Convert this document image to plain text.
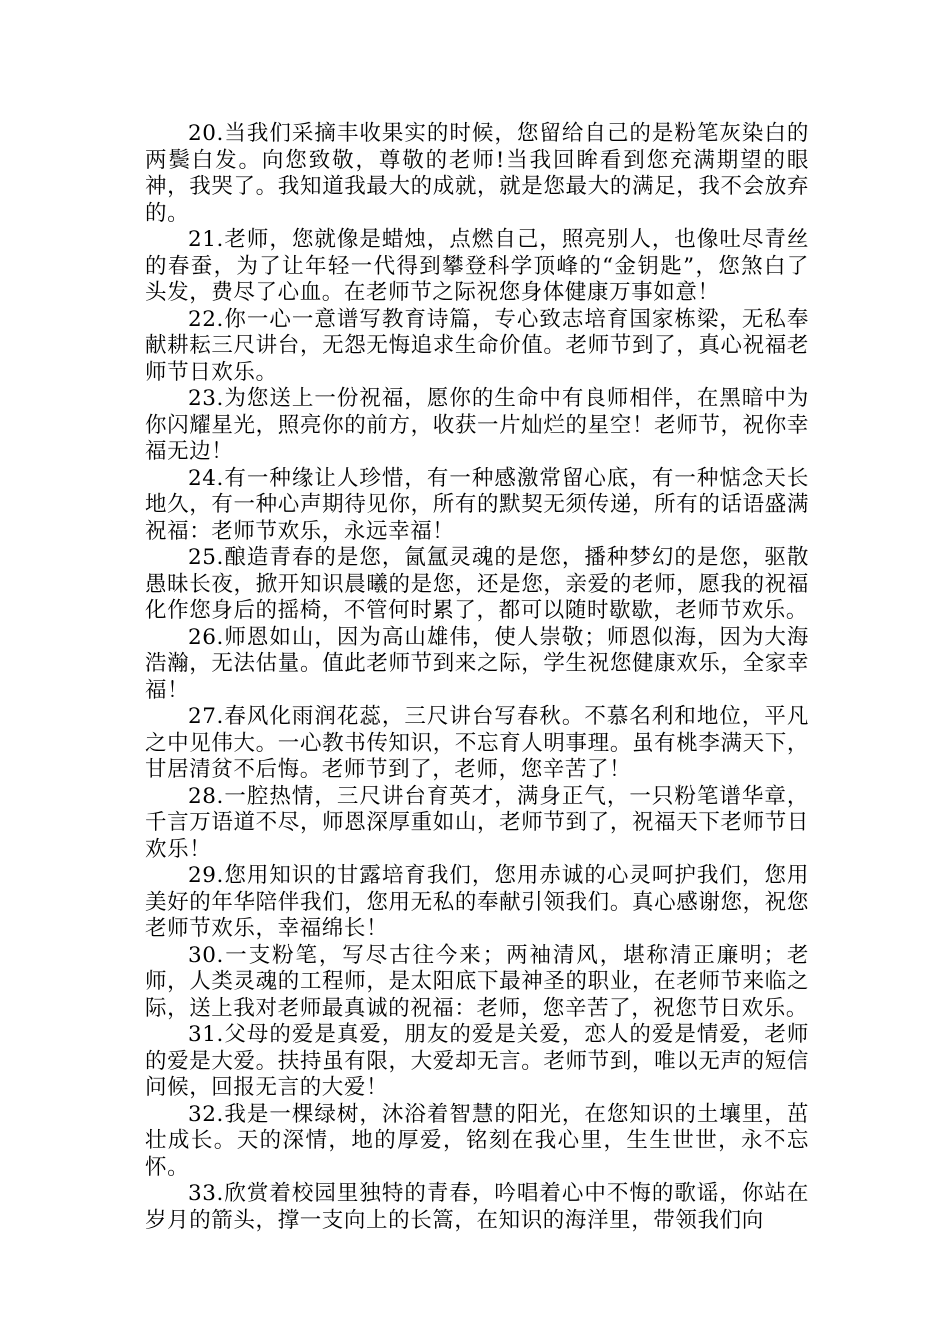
20.当我们采摘丰收果实的时候，您留给自己的是粉笔灰染白的两鬓白发。向您致敬，尊敬的老师!当我回眸看到您充满期望的眼神，我哭了。我知道我最大的成就，就是您最大的满足，我不会放弃的。

21.老师，您就像是蜡烛，点燃自己，照亮别人，也像吐尽青丝的春蚕，为了让年轻一代得到攀登科学顶峰的“金钥匙”，您煞白了头发，费尽了心血。在老师节之际祝您身体健康万事如意！

22.你一心一意谱写教育诗篇，专心致志培育国家栋梁，无私奉献耕耘三尺讲台，无怨无悔追求生命价值。老师节到了，真心祝福老师节日欢乐。

23.为您送上一份祝福，愿你的生命中有良师相伴，在黑暗中为你闪耀星光，照亮你的前方，收获一片灿烂的星空！老师节，祝你幸福无边！

24.有一种缘让人珍惜，有一种感激常留心底，有一种惦念天长地久，有一种心声期待见你，所有的默契无须传递，所有的话语盛满祝福：老师节欢乐，永远幸福！

25.酿造青春的是您，氤氲灵魂的是您，播种梦幻的是您，驱散愚昧长夜，掀开知识晨曦的是您，还是您，亲爱的老师，愿我的祝福化作您身后的摇椅，不管何时累了，都可以随时歇歇，老师节欢乐。

26.师恩如山，因为高山雄伟，使人崇敬；师恩似海，因为大海浩瀚，无法估量。值此老师节到来之际，学生祝您健康欢乐，全家幸福！

27.春风化雨润花蕊，三尺讲台写春秋。不慕名利和地位，平凡之中见伟大。一心教书传知识，不忘育人明事理。虽有桃李满天下，甘居清贫不后悔。老师节到了，老师，您辛苦了！

28.一腔热情，三尺讲台育英才，满身正气，一只粉笔谱华章，千言万语道不尽，师恩深厚重如山，老师节到了，祝福天下老师节日欢乐！

29.您用知识的甘露培育我们，您用赤诚的心灵呵护我们，您用美好的年华陪伴我们，您用无私的奉献引领我们。真心感谢您，祝您老师节欢乐，幸福绵长！

30.一支粉笔，写尽古往今来；两袖清风，堪称清正廉明；老师，人类灵魂的工程师，是太阳底下最神圣的职业，在老师节来临之际，送上我对老师最真诚的祝福：老师，您辛苦了，祝您节日欢乐。

31.父母的爱是真爱，朋友的爱是关爱，恋人的爱是情爱，老师的爱是大爱。扶持虽有限，大爱却无言。老师节到，唯以无声的短信问候，回报无言的大爱！

32.我是一棵绿树，沐浴着智慧的阳光，在您知识的土壤里，茁壮成长。天的深情，地的厚爱，铭刻在我心里，生生世世，永不忘怀。

33.欣赏着校园里独特的青春，吟唱着心中不悔的歌谣，你站在岁月的箭头，撑一支向上的长篙，在知识的海洋里，带领我们向
